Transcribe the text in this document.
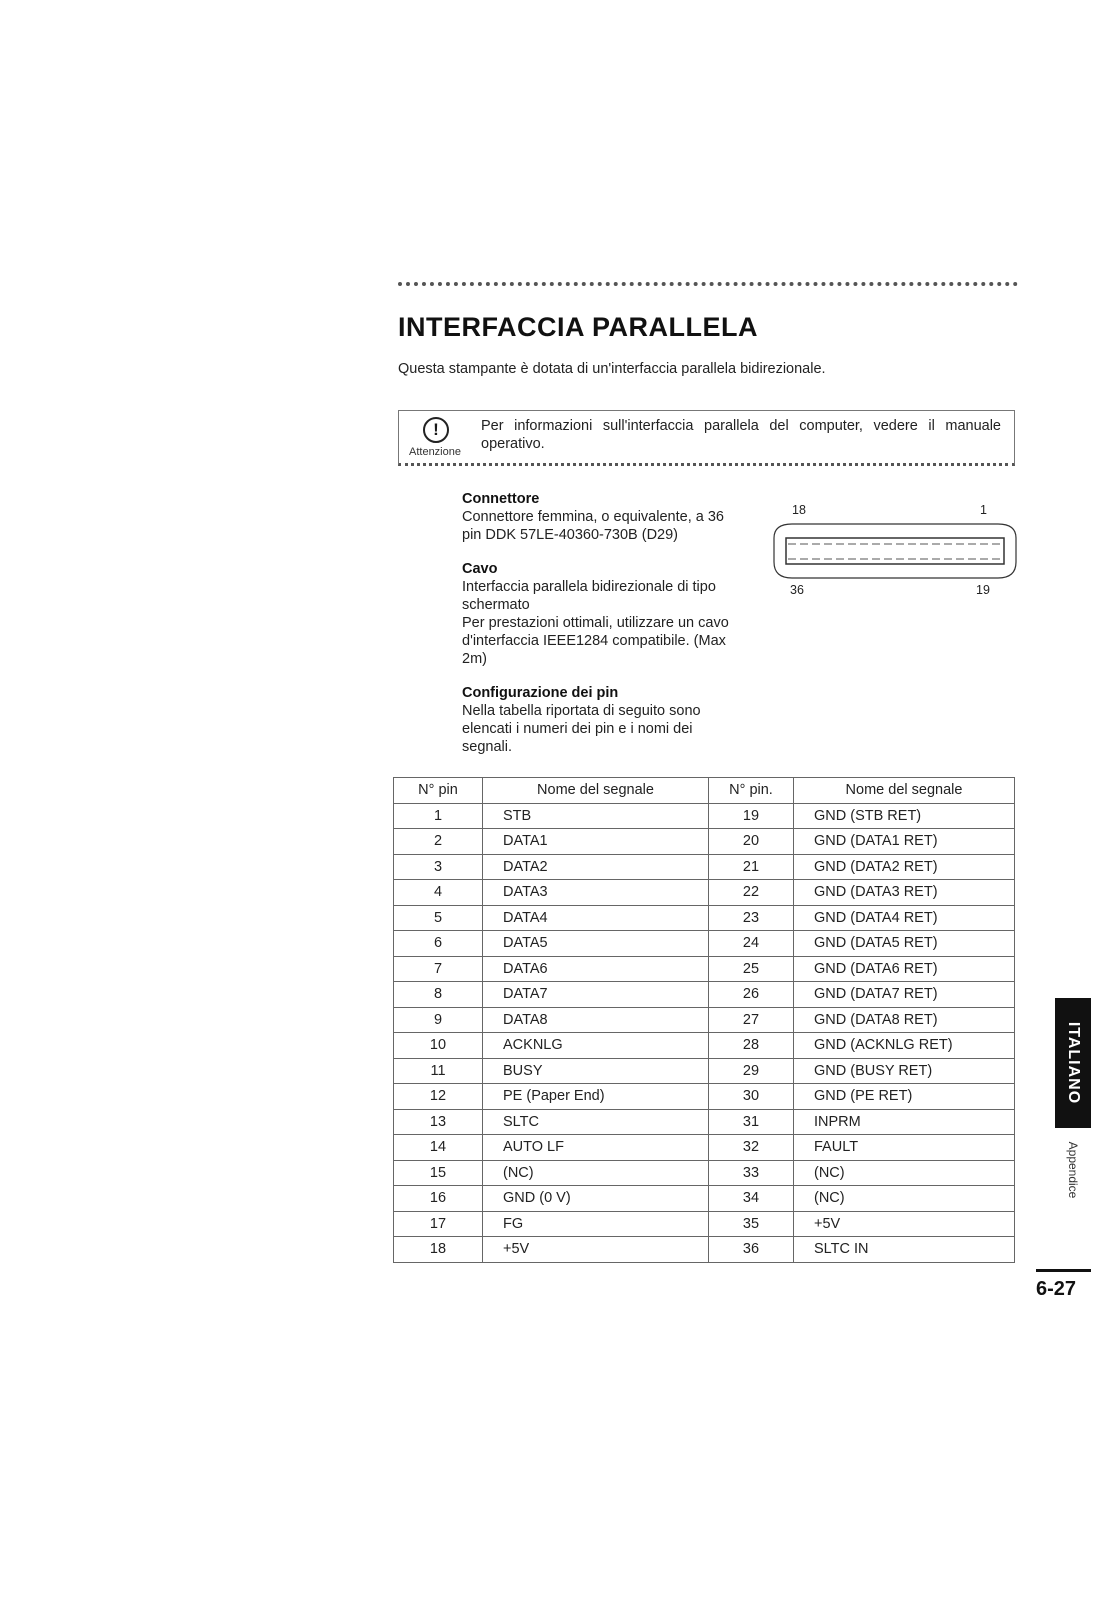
INTERFACCIA PARALLELA

Questa stampante è dotata di un'interfaccia parallela bidirezionale.

!
Attenzione

Per informazioni sull'interfaccia parallela del computer, vedere il manuale operativo.

Connettore

Connettore femmina, o equivalente, a 36 pin DDK 57LE-40360-730B (D29)

Cavo

Interfaccia parallela bidirezionale di tipo schermato

Per prestazioni ottimali, utilizzare un cavo d'interfaccia IEEE1284 compatibile. (Max 2m)

Configurazione dei pin

Nella tabella riportata di seguito sono elencati i numeri dei pin e i nomi dei segnali.

18	1
36	19
N° pin	Nome del segnale	N° pin.	Nome del segnale
1	STB	19	GND (STB RET)
2	DATA1	20	GND (DATA1 RET)
3	DATA2	21	GND (DATA2 RET)
4	DATA3	22	GND (DATA3 RET)
5	DATA4	23	GND (DATA4 RET)
6	DATA5	24	GND (DATA5 RET)
7	DATA6	25	GND (DATA6 RET)
8	DATA7	26	GND (DATA7 RET)
9	DATA8	27	GND (DATA8 RET)
10	ACKNLG	28	GND (ACKNLG RET)
11	BUSY	29	GND (BUSY RET)
12	PE (Paper End)	30	GND (PE RET)
13	SLTC	31	INPRM
14	AUTO LF	32	FAULT
15	(NC)	33	(NC)
16	GND (0 V)	34	(NC)
17	FG	35	+5V
18	+5V	36	SLTC IN
ITALIANO
Appendice
6-27
